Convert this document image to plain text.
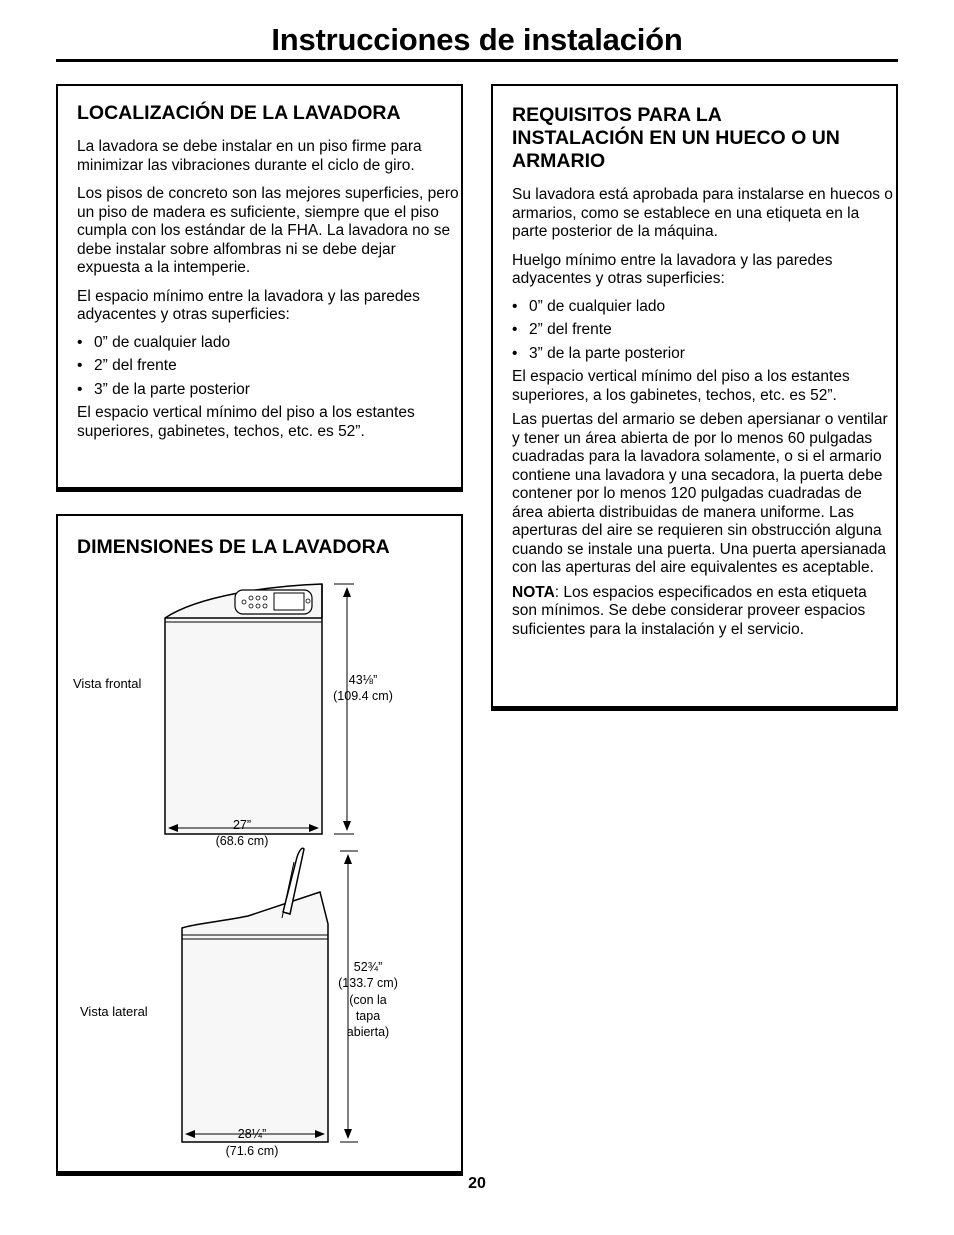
Instrucciones de instalación
LOCALIZACIÓN DE LA LAVADORA

La lavadora se debe instalar en un piso firme para minimizar las vibraciones durante el ciclo de giro.

Los pisos de concreto son las mejores superficies, pero un piso de madera es suficiente, siempre que el piso cumpla con los estándar de la FHA. La lavadora no se debe instalar sobre alfombras ni se debe dejar expuesta a la intemperie.

El espacio mínimo entre la lavadora y las paredes adyacentes y otras superficies:

• 0” de cualquier lado
• 2” del frente
• 3” de la parte posterior

El espacio vertical mínimo del piso a los estantes superiores, gabinetes, techos, etc. es 52”.

REQUISITOS PARA LA INSTALACIÓN EN UN HUECO O UN ARMARIO

Su lavadora está aprobada para instalarse en huecos o armarios, como se establece en una etiqueta en la parte posterior de la máquina.

Huelgo mínimo entre la lavadora y las paredes adyacentes y otras superficies:

• 0” de cualquier lado
• 2” del frente
• 3” de la parte posterior

El espacio vertical mínimo del piso a los estantes superiores, a los gabinetes, techos, etc. es 52”.

Las puertas del armario se deben apersianar o ventilar y tener un área abierta de por lo menos 60 pulgadas cuadradas para la lavadora solamente, o si el armario contiene una lavadora y una secadora, la puerta debe contener por lo menos 120 pulgadas cuadradas de área abierta distribuidas de manera uniforme. Las aperturas del aire se requieren sin obstrucción alguna cuando se instale una puerta. Una puerta apersianada con las aperturas del aire equivalentes es aceptable.

NOTA: Los espacios especificados en esta etiqueta son mínimos. Se debe considerar proveer espacios suficientes para la instalación y el servicio.

DIMENSIONES DE LA LAVADORA
43⅛”
(109.4 cm)
27”
(68.6 cm)
Vista frontal
52¾”
(133.7 cm)
(con la
tapa
abierta)
28¼”
(71.6 cm)
Vista lateral
20
